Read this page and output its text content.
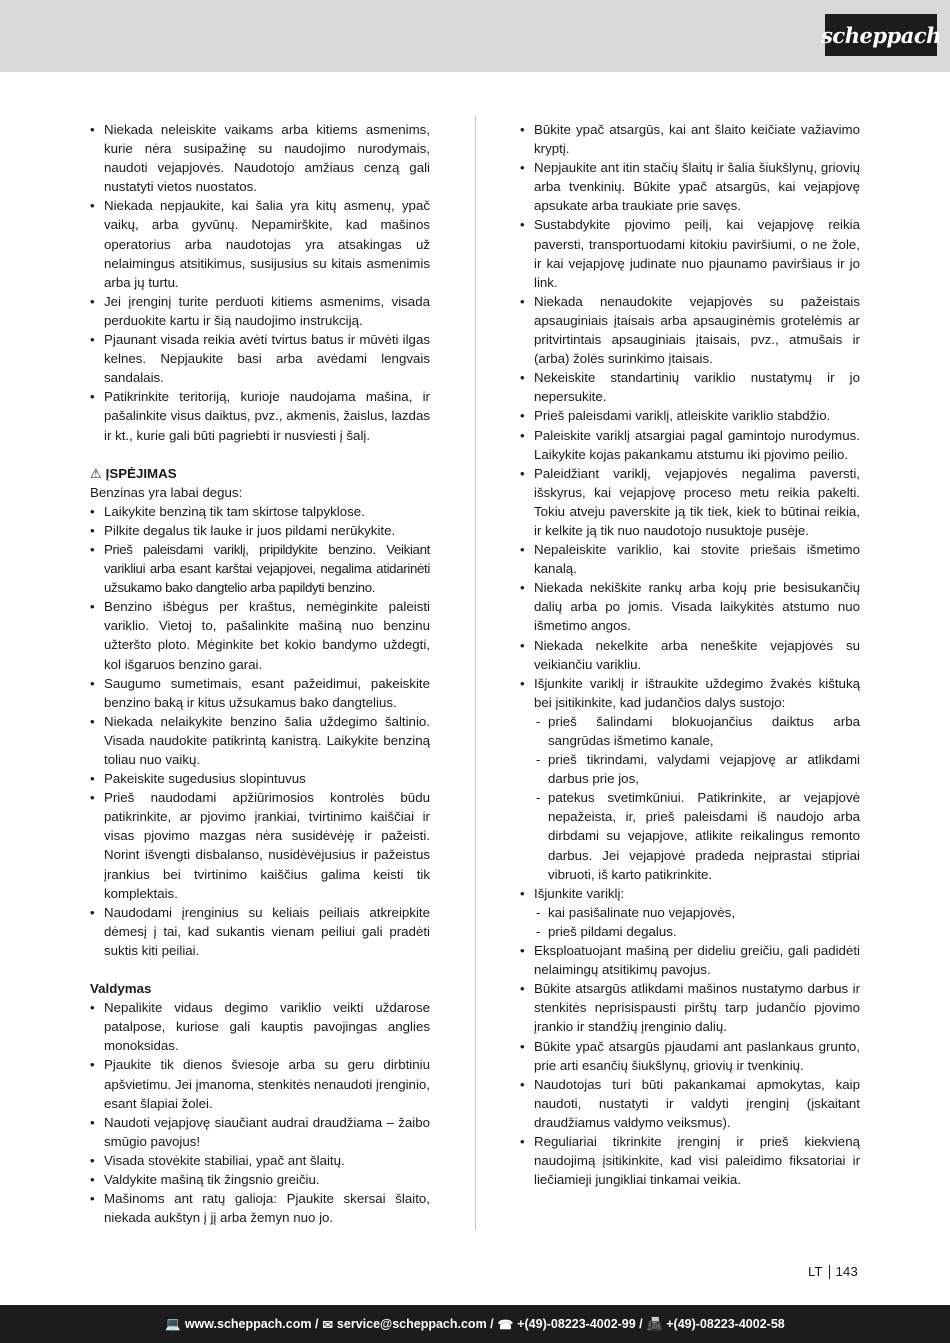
scheppach
• Niekada neleiskite vaikams arba kitiems asmenims, kurie nėra susipažinę su naudojimo nurodymais, naudoti vejapjovės. Naudotojo amžiaus cenzą gali nustatyti vietos nuostatos.
• Niekada nepjaukite, kai šalia yra kitų asmenų, ypač vaikų, arba gyvūnų. Nepamirškite, kad mašinos operatorius arba naudotojas yra atsakingas už nelaimingus atsitikimus, susijusius su kitais asmenimis arba jų turtu.
• Jei įrenginį turite perduoti kitiems asmenims, visada perduokite kartu ir šią naudojimo instrukciją.
• Pjaunant visada reikia avėti tvirtus batus ir mūvėti ilgas kelnes. Nepjaukite basi arba avėdami lengvais sandalais.
• Patikrinkite teritoriją, kurioje naudojama mašina, ir pašalinkite visus daiktus, pvz., akmenis, žaislus, lazdas ir kt., kurie gali būti pagriebti ir nusviesti į šalį.
⚠ ĮSPĖJIMAS
Benzinas yra labai degus:
• Laikykite benziną tik tam skirtose talpyklose.
• Pilkite degalus tik lauke ir juos pildami nerūkykite.
• Prieš paleisdami variklį, pripildykite benzino. Veikiant varikliui arba esant karštai vejapjovei, negalima atidarinėti užsukamo bako dangtelio arba papildyti benzino.
• Benzino išbėgus per kraštus, nemėginkite paleisti variklio. Vietoj to, pašalinkite mašiną nuo benzinu užteršto ploto. Mėginkite bet kokio bandymo uždegti, kol išgaruos benzino garai.
• Saugumo sumetimais, esant pažeidimui, pakeiskite benzino baką ir kitus užsukamus bako dangtelius.
• Niekada nelaikykite benzino šalia uždegimo šaltinio. Visada naudokite patikrintą kanistrą. Laikykite benziną toliau nuo vaikų.
• Pakeiskite sugedusius slopintuvus
• Prieš naudodami apžiūrimosios kontrolės būdu patikrinkite, ar pjovimo įrankiai, tvirtinimo kaiščiai ir visas pjovimo mazgas nėra susidėvėję ir pažeisti. Norint išvengti disbalanso, nusidėvėjusius ir pažeistus įrankius bei tvirtinimo kaiščius galima keisti tik komplektais.
• Naudodami įrenginius su keliais peiliais atkreipkite dėmesį į tai, kad sukantis vienam peiliui gali pradėti suktis kiti peiliai.
Valdymas
• Nepalikite vidaus degimo variklio veikti uždarose patalpose, kuriose gali kauptis pavojingas anglies monoksidas.
• Pjaukite tik dienos šviesoje arba su geru dirbtiniu apšvietimu. Jei įmanoma, stenkitės nenaudoti įrenginio, esant šlapiai žolei.
• Naudoti vejapjovę siaučiant audrai draudžiama – žaibo smūgio pavojus!
• Visada stovėkite stabiliai, ypač ant šlaitų.
• Valdykite mašiną tik žingsnio greičiu.
• Mašinoms ant ratų galioja: Pjaukite skersai šlaito, niekada aukštyn į jį arba žemyn nuo jo.
• Būkite ypač atsargūs, kai ant šlaito keičiate važiavimo kryptį.
• Nepjaukite ant itin stačių šlaitų ir šalia šiukšlynų, griovių arba tvenkinių. Būkite ypač atsargūs, kai vejapjovę apsukate arba traukiate prie savęs.
• Sustabdykite pjovimo peilį, kai vejapjovę reikia paversti, transportuodami kitokiu paviršiumi, o ne žole, ir kai vejapjovę judinate nuo pjaunamo paviršiaus ir jo link.
• Niekada nenaudokite vejapjovės su pažeistais apsauginiais įtaisais arba apsauginėmis grotelėmis ar pritvirtintais apsauginiais įtaisais, pvz., atmušais ir (arba) žolės surinkimo įtaisais.
• Nekeiskite standartinių variklio nustatymų ir jo nepersukite.
• Prieš paleisdami variklį, atleiskite variklio stabdžio.
• Paleiskite variklį atsargiai pagal gamintojo nurodymus. Laikykite kojas pakankamu atstumu iki pjovimo peilio.
• Paleidžiant variklį, vejapjovės negalima paversti, išskyrus, kai vejapjovę proceso metu reikia pakelti. Tokiu atveju paverskite ją tik tiek, kiek to būtinai reikia, ir kelkite ją tik nuo naudotojo nusuktoje pusėje.
• Nepaleiskite variklio, kai stovite priešais išmetimo kanalą.
• Niekada nekiškite rankų arba kojų prie besisukančių dalių arba po jomis. Visada laikykitės atstumo nuo išmetimo angos.
• Niekada nekelkite arba neneškite vejapjovės su veikiančiu varikliu.
• Išjunkite variklį ir ištraukite uždegimo žvakės kištuką bei įsitikinkite, kad judančios dalys sustojo:
- prieš šalindami blokuojančius daiktus arba sangrūdas išmetimo kanale,
- prieš tikrindami, valydami vejapjovę ar atlikdami darbus prie jos,
- patekus svetimkūniui. Patikrinkite, ar vejapjovė nepažeista, ir, prieš paleisdami iš naudojo arba dirbdami su vejapjove, atlikite reikalingus remonto darbus. Jei vejapjovė pradeda neįprastai stipriai vibruoti, iš karto patikrinkite.
• Išjunkite variklį:
- kai pasišalinate nuo vejapjovės,
- prieš pildami degalus.
• Eksploatuojant mašiną per dideliu greičiu, gali padidėti nelaimingų atsitikimų pavojus.
• Būkite atsargūs atlikdami mašinos nustatymo darbus ir stenkitės neprisispausti pirštų tarp judančio pjovimo įrankio ir standžių įrenginio dalių.
• Būkite ypač atsargūs pjaudami ant paslankaus grunto, prie arti esančių šiukšlynų, griovių ir tvenkinių.
• Naudotojas turi būti pakankamai apmokytas, kaip naudoti, nustatyti ir valdyti įrenginį (įskaitant draudžiamus valdymo veiksmus).
• Reguliariai tikrinkite įrenginį ir prieš kiekvieną naudojimą įsitikinkite, kad visi paleidimo fiksatoriai ir liečiamieji jungikliai tinkamai veikia.
LT 143
💻 www.scheppach.com / ✉ service@scheppach.com / ☎ +(49)-08223-4002-99 / 📠 +(49)-08223-4002-58
